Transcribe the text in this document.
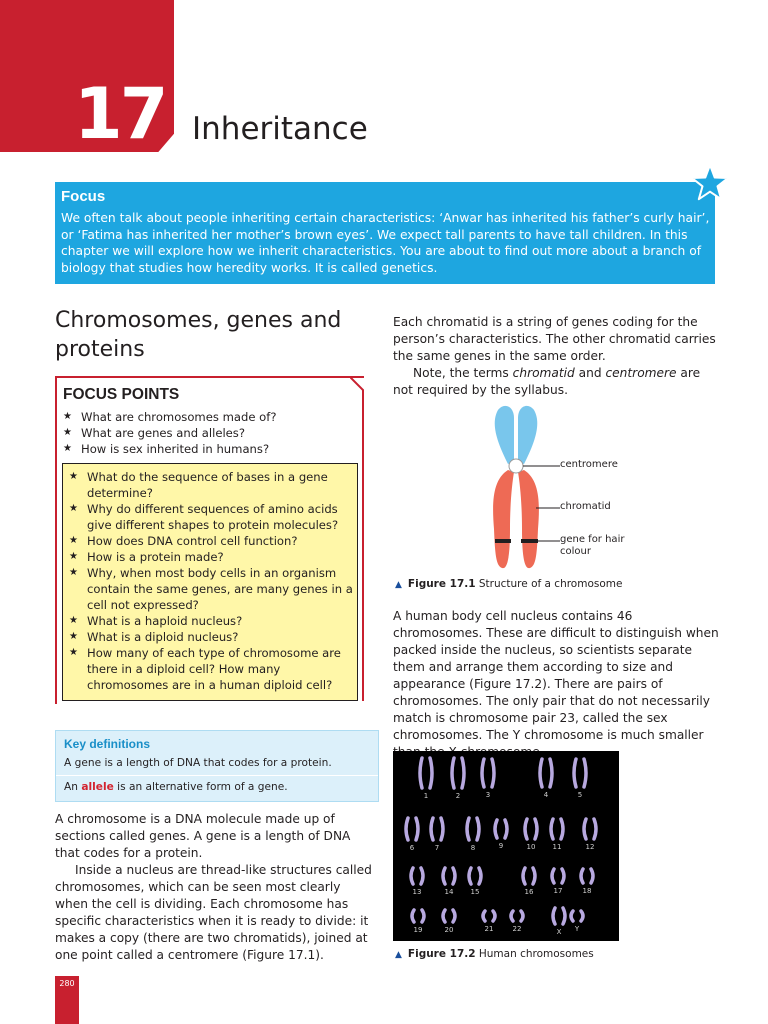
17 Inheritance
Focus
We often talk about people inheriting certain characteristics: ‘Anwar has inherited his father’s curly hair’, or ‘Fatima has inherited her mother’s brown eyes’. We expect tall parents to have tall children. In this chapter we will explore how we inherit characteristics. You are about to find out more about a branch of biology that studies how heredity works. It is called genetics.
Chromosomes, genes and proteins
FOCUS POINTS
★ What are chromosomes made of?
★ What are genes and alleles?
★ How is sex inherited in humans?
★ What do the sequence of bases in a gene determine?
★ Why do different sequences of amino acids give different shapes to protein molecules?
★ How does DNA control cell function?
★ How is a protein made?
★ Why, when most body cells in an organism contain the same genes, are many genes in a cell not expressed?
★ What is a haploid nucleus?
★ What is a diploid nucleus?
★ How many of each type of chromosome are there in a diploid cell? How many chromosomes are in a human diploid cell?
Key definitions
A gene is a length of DNA that codes for a protein.
An allele is an alternative form of a gene.

A chromosome is a DNA molecule made up of sections called genes. A gene is a length of DNA that codes for a protein.

Inside a nucleus are thread-like structures called chromosomes, which can be seen most clearly when the cell is dividing. Each chromosome has specific characteristics when it is ready to divide: it makes a copy (there are two chromatids), joined at one point called a centromere (Figure 17.1).

280

Each chromatid is a string of genes coding for the person’s characteristics. The other chromatid carries the same genes in the same order.

Note, the terms chromatid and centromere are not required by the syllabus.

centromere
chromatid
gene for hair colour
▲ Figure 17.1 Structure of a chromosome

A human body cell nucleus contains 46 chromosomes. These are difficult to distinguish when packed inside the nucleus, so scientists separate them and arrange them according to size and appearance (Figure 17.2). There are pairs of chromosomes. The only pair that do not necessarily match is chromosome pair 23, called the sex chromosomes. The Y chromosome is much smaller

1	2	3	4	5
6	7	8	9	10 11	12
13	14 15	16	17	18
19	20	21	22	X Y
▲ Figure 17.2 Human chromosomes
